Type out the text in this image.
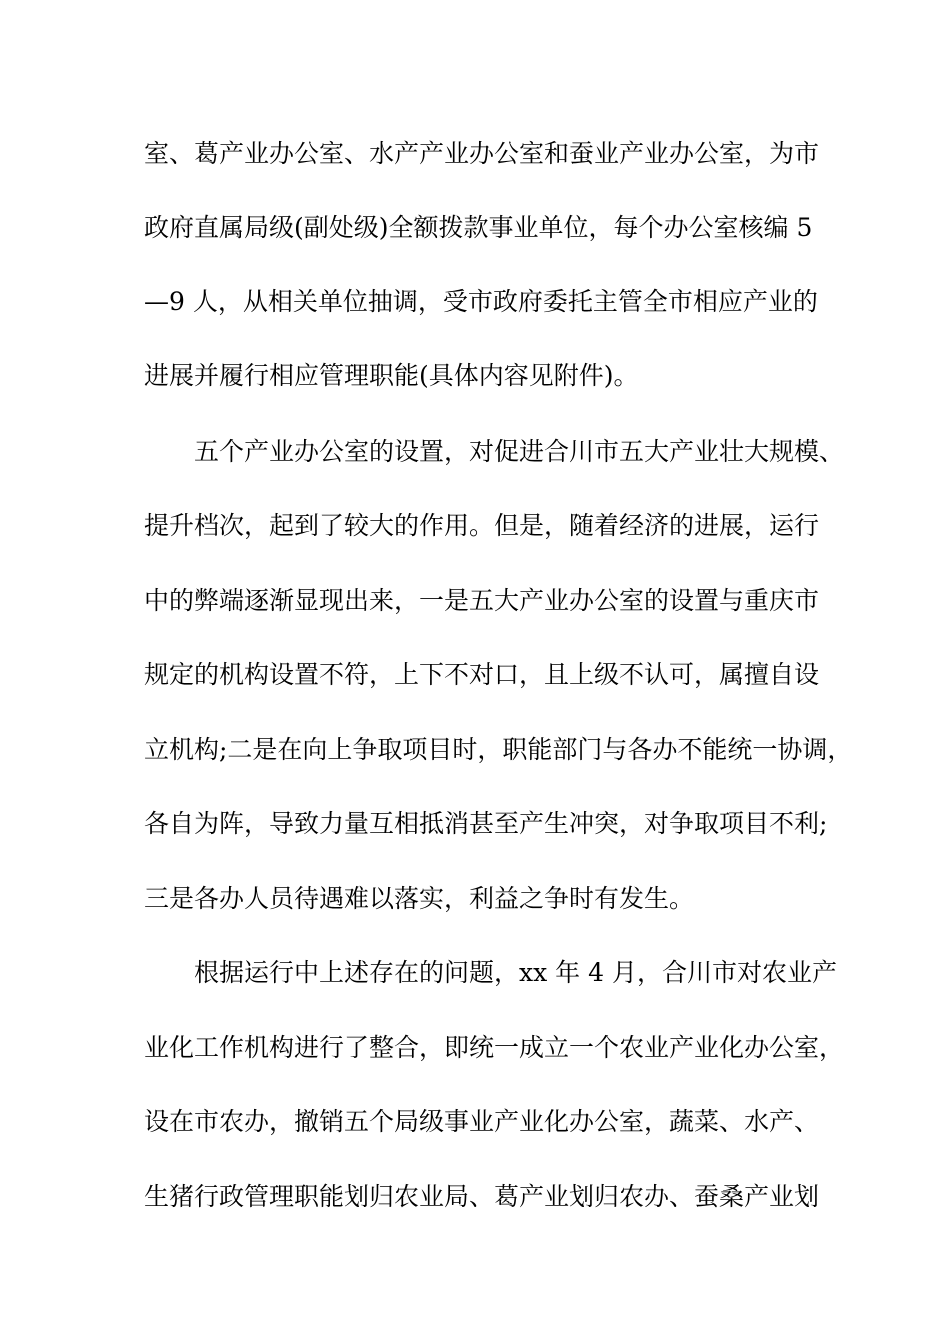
室、葛产业办公室、水产产业办公室和蚕业产业办公室，为市
政府直属局级(副处级)全额拨款事业单位，每个办公室核编 5
—9 人，从相关单位抽调，受市政府委托主管全市相应产业的
进展并履行相应管理职能(具体内容见附件)。
五个产业办公室的设置，对促进合川市五大产业壮大规模、
提升档次，起到了较大的作用。但是，随着经济的进展，运行
中的弊端逐渐显现出来，一是五大产业办公室的设置与重庆市
规定的机构设置不符，上下不对口，且上级不认可，属擅自设
立机构;二是在向上争取项目时，职能部门与各办不能统一协调，
各自为阵，导致力量互相抵消甚至产生冲突，对争取项目不利;
三是各办人员待遇难以落实，利益之争时有发生。
根据运行中上述存在的问题，xx 年 4 月，合川市对农业产
业化工作机构进行了整合，即统一成立一个农业产业化办公室，
设在市农办，撤销五个局级事业产业化办公室，蔬菜、水产、
生猪行政管理职能划归农业局、葛产业划归农办、蚕桑产业划
